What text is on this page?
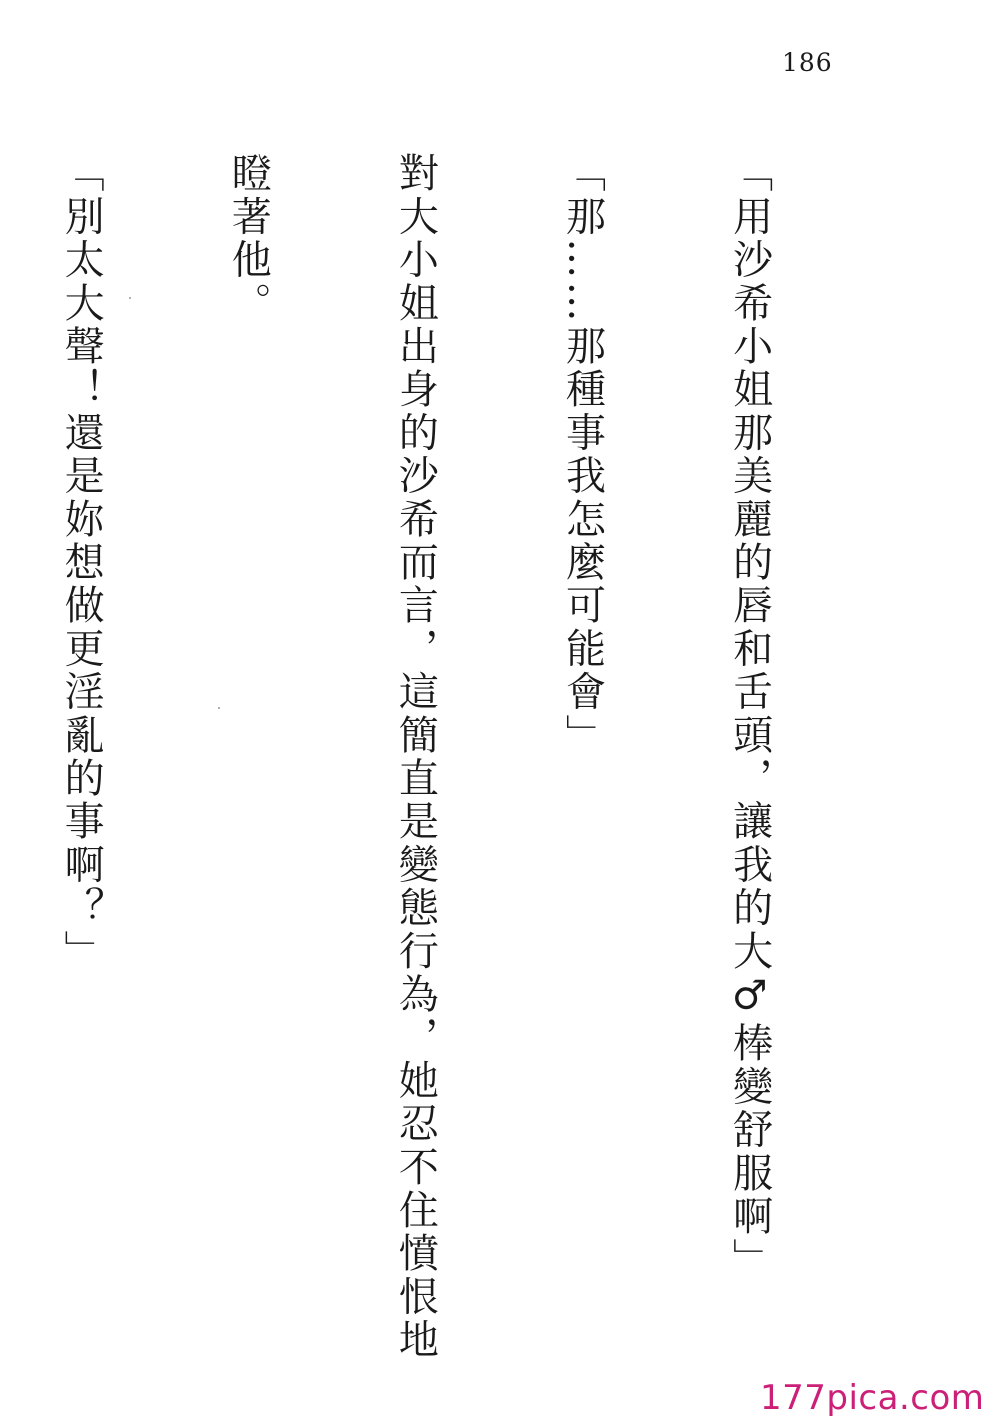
186

「用沙希小姐那美麗的唇和舌頭，讓我的大♂棒變舒服啊」

「那……那種事我怎麼可能會」

對大小姐出身的沙希而言，這簡直是變態行為，她忍不住憤恨地

瞪著他。

「別太大聲！還是妳想做更淫亂的事啊？」

177pica.com
